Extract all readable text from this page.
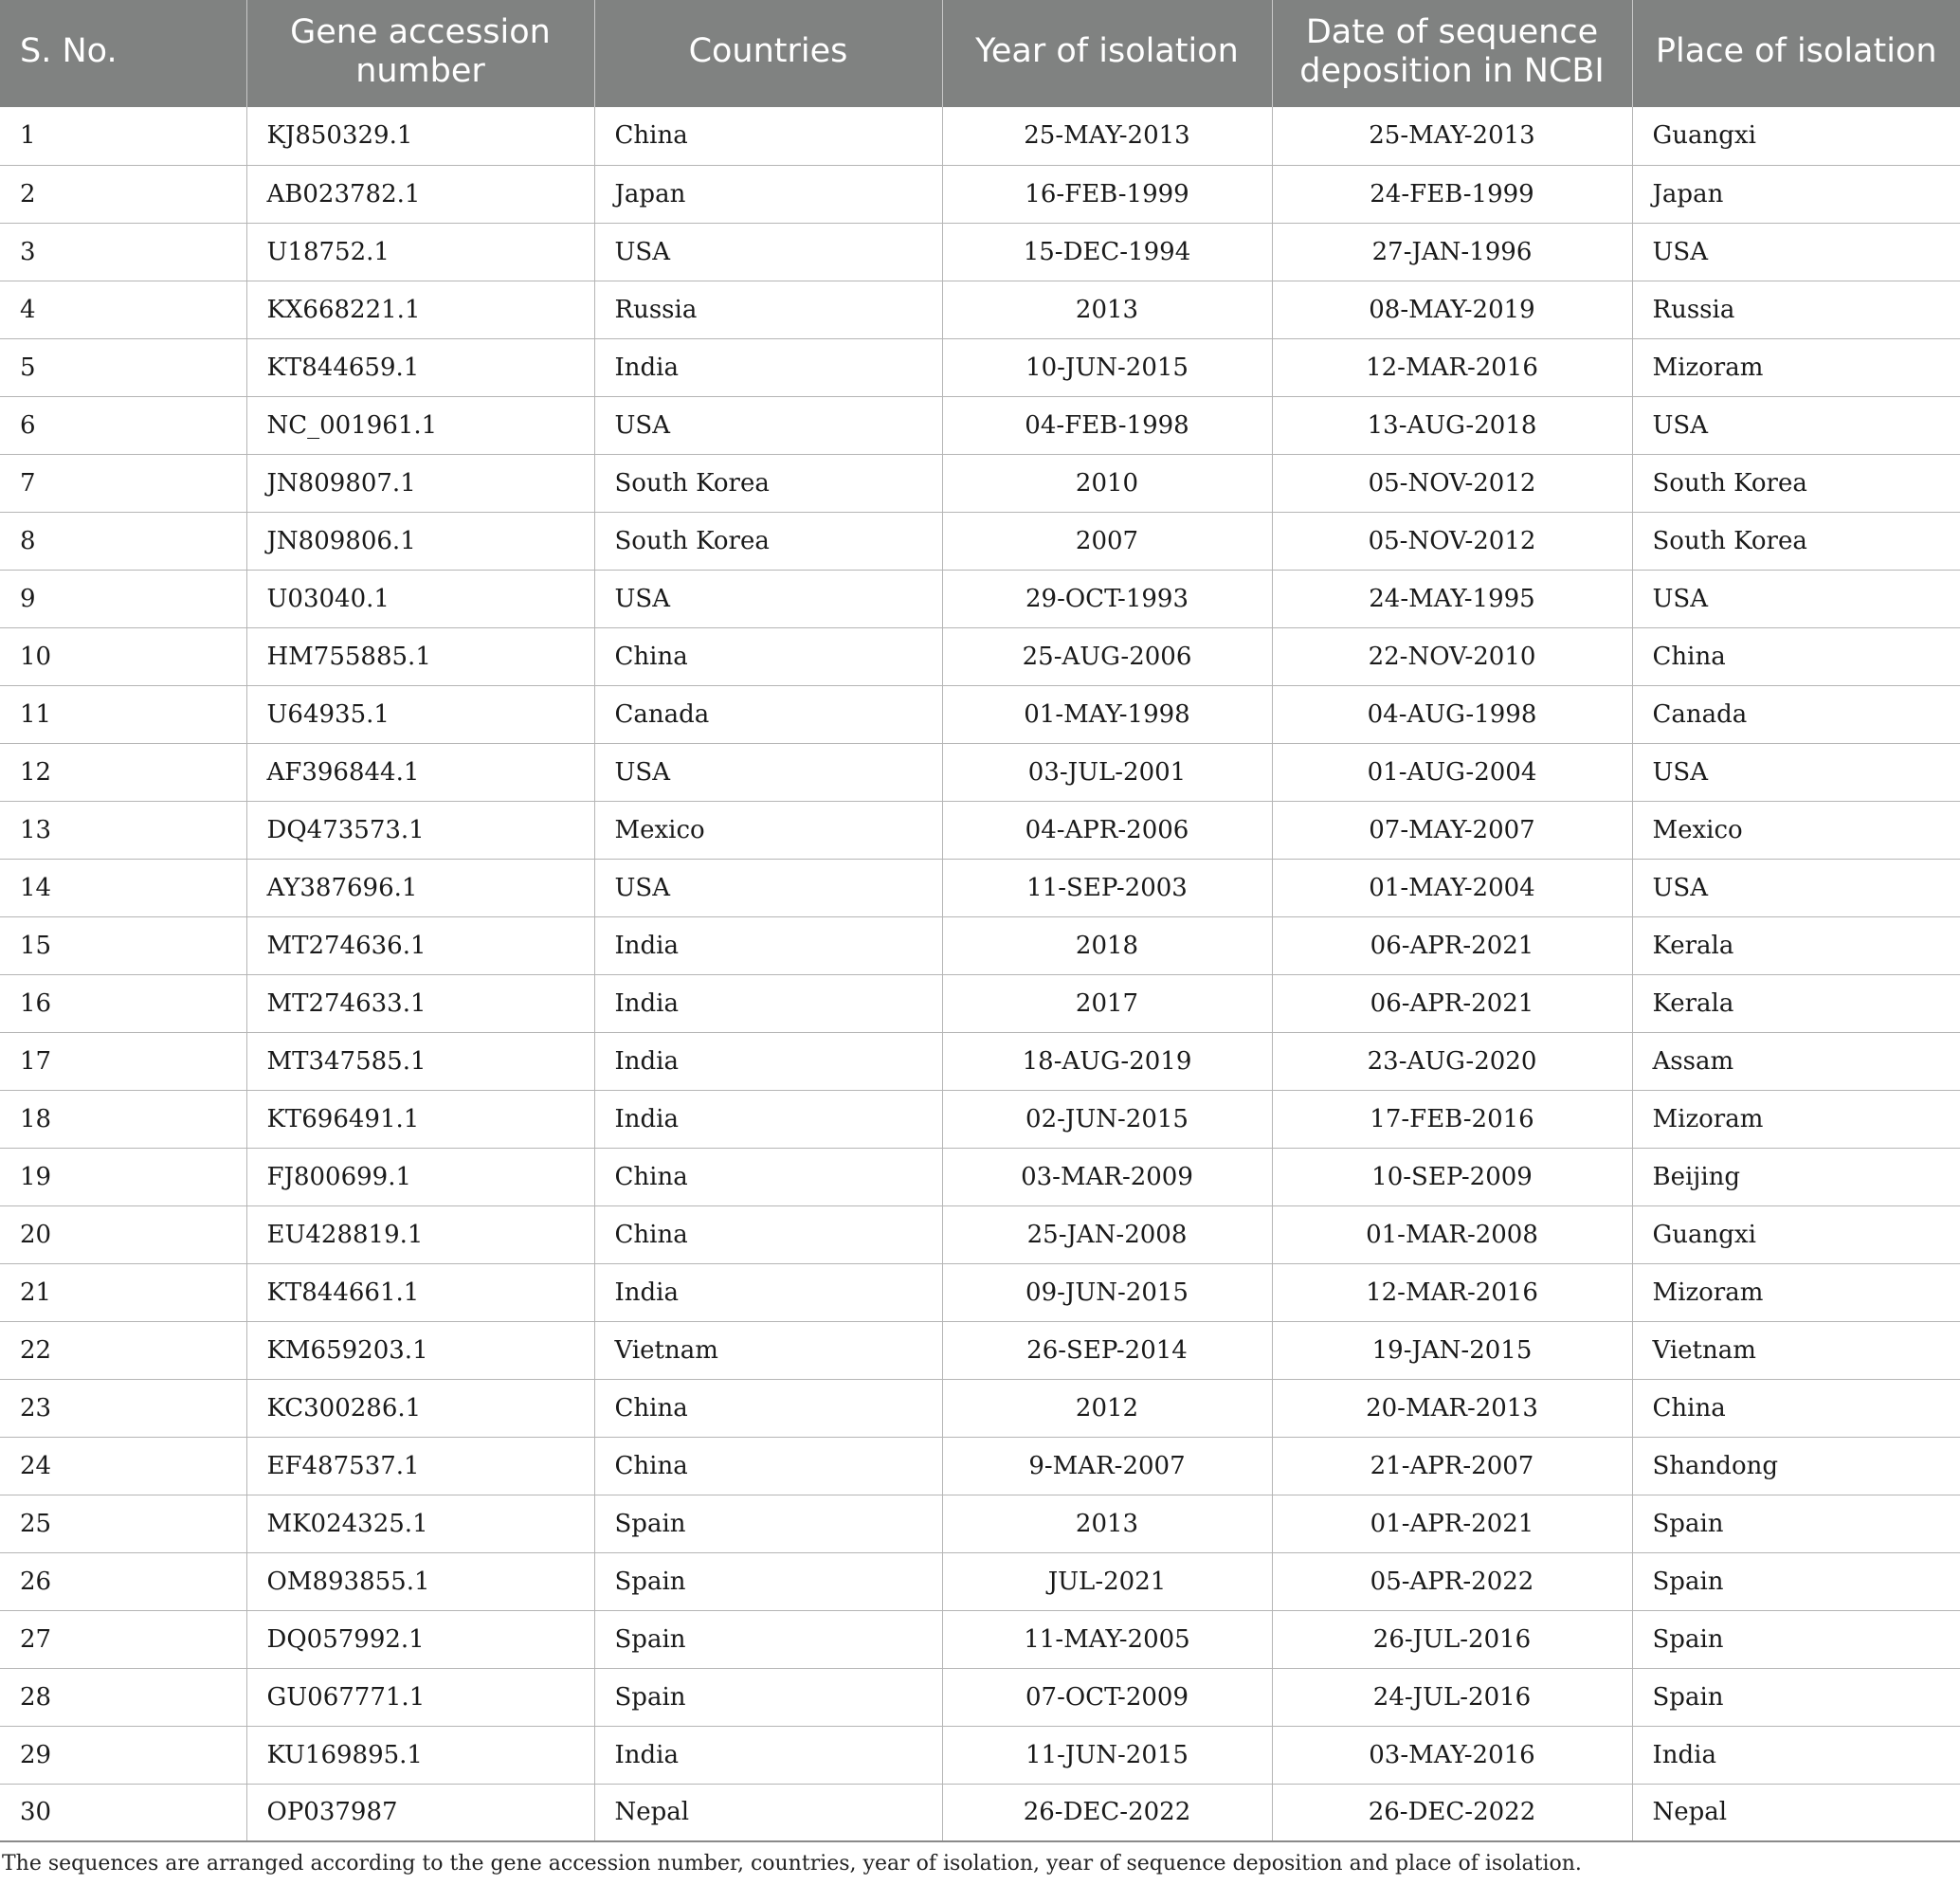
S. No.	Gene accession number	Countries	Year of isolation	Date of sequence deposition in NCBI	Place of isolation
1	KJ850329.1	China	25-MAY-2013	25-MAY-2013	Guangxi
2	AB023782.1	Japan	16-FEB-1999	24-FEB-1999	Japan
3	U18752.1	USA	15-DEC-1994	27-JAN-1996	USA
4	KX668221.1	Russia	2013	08-MAY-2019	Russia
5	KT844659.1	India	10-JUN-2015	12-MAR-2016	Mizoram
6	NC_001961.1	USA	04-FEB-1998	13-AUG-2018	USA
7	JN809807.1	South Korea	2010	05-NOV-2012	South Korea
8	JN809806.1	South Korea	2007	05-NOV-2012	South Korea
9	U03040.1	USA	29-OCT-1993	24-MAY-1995	USA
10	HM755885.1	China	25-AUG-2006	22-NOV-2010	China
11	U64935.1	Canada	01-MAY-1998	04-AUG-1998	Canada
12	AF396844.1	USA	03-JUL-2001	01-AUG-2004	USA
13	DQ473573.1	Mexico	04-APR-2006	07-MAY-2007	Mexico
14	AY387696.1	USA	11-SEP-2003	01-MAY-2004	USA
15	MT274636.1	India	2018	06-APR-2021	Kerala
16	MT274633.1	India	2017	06-APR-2021	Kerala
17	MT347585.1	India	18-AUG-2019	23-AUG-2020	Assam
18	KT696491.1	India	02-JUN-2015	17-FEB-2016	Mizoram
19	FJ800699.1	China	03-MAR-2009	10-SEP-2009	Beijing
20	EU428819.1	China	25-JAN-2008	01-MAR-2008	Guangxi
21	KT844661.1	India	09-JUN-2015	12-MAR-2016	Mizoram
22	KM659203.1	Vietnam	26-SEP-2014	19-JAN-2015	Vietnam
23	KC300286.1	China	2012	20-MAR-2013	China
24	EF487537.1	China	9-MAR-2007	21-APR-2007	Shandong
25	MK024325.1	Spain	2013	01-APR-2021	Spain
26	OM893855.1	Spain	JUL-2021	05-APR-2022	Spain
27	DQ057992.1	Spain	11-MAY-2005	26-JUL-2016	Spain
28	GU067771.1	Spain	07-OCT-2009	24-JUL-2016	Spain
29	KU169895.1	India	11-JUN-2015	03-MAY-2016	India
30	OP037987	Nepal	26-DEC-2022	26-DEC-2022	Nepal
The sequences are arranged according to the gene accession number, countries, year of isolation, year of sequence deposition and place of isolation.
